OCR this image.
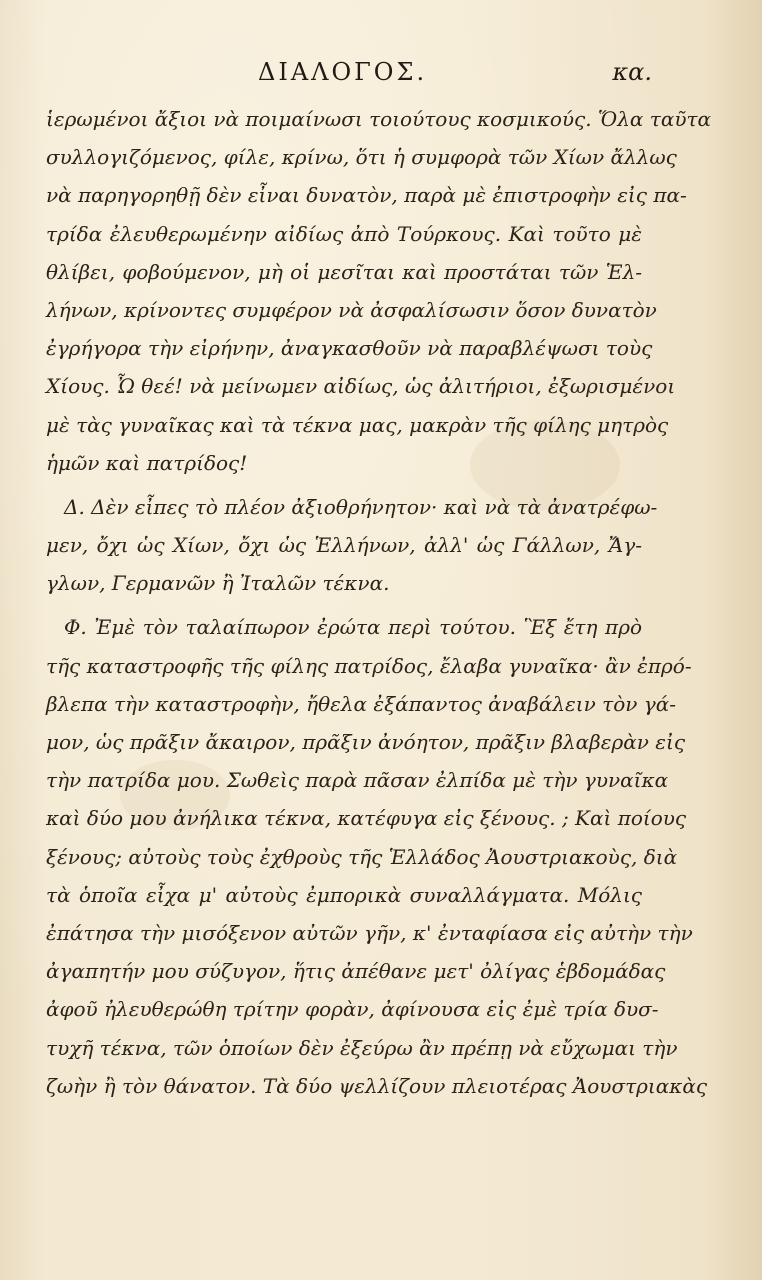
ΔΙΑΛΟΓΟΣ.	κα.
ἱερωμένοι ἄξιοι νὰ ποιμαίνωσι τοιούτους κοσμικούς. Ὅλα ταῦτα
συλλογιζόμενος, φίλε, κρίνω, ὅτι ἡ συμφορὰ τῶν Χίων ἄλλως
νὰ παρηγορηθῇ δὲν εἶναι δυνατὸν, παρὰ μὲ ἐπιστροφὴν εἰς πα-
τρίδα ἐλευθερωμένην αἰδίως ἀπὸ Τούρκους. Καὶ τοῦτο μὲ
θλίβει, φοβούμενον, μὴ οἱ μεσῖται καὶ προστάται τῶν Ἑλ-
λήνων, κρίνοντες συμφέρον νὰ ἀσφαλίσωσιν ὅσον δυνατὸν
ἐγρήγορα τὴν εἰρήνην, ἀναγκασθοῦν νὰ παραβλέψωσι τοὺς
Χίους. Ὦ θεέ! νὰ μείνωμεν αἰδίως, ὡς ἀλιτήριοι, ἐξωρισμένοι
μὲ τὰς γυναῖκας καὶ τὰ τέκνα μας, μακρὰν τῆς φίλης μητρὸς
ἡμῶν καὶ πατρίδος!
Δ. Δὲν εἶπες τὸ πλέον ἀξιοθρήνητον· καὶ νὰ τὰ ἀνατρέφω-
μεν, ὄχι ὡς Χίων, ὄχι ὡς Ἑλλήνων, ἀλλ' ὡς Γάλλων, Ἄγ-
γλων, Γερμανῶν ἢ Ἰταλῶν τέκνα.
Φ. Ἐμὲ τὸν ταλαίπωρον ἐρώτα περὶ τούτου. Ἓξ ἔτη πρὸ
τῆς καταστροφῆς τῆς φίλης πατρίδος, ἔλαβα γυναῖκα· ἂν ἐπρό-
βλεπα τὴν καταστροφὴν, ἤθελα ἐξάπαντος ἀναβάλειν τὸν γά-
μον, ὡς πρᾶξιν ἄκαιρον, πρᾶξιν ἀνόητον, πρᾶξιν βλαβερὰν εἰς
τὴν πατρίδα μου. Σωθεὶς παρὰ πᾶσαν ἐλπίδα μὲ τὴν γυναῖκα
καὶ δύο μου ἀνήλικα τέκνα, κατέφυγα εἰς ξένους. ; Καὶ ποίους
ξένους; αὐτοὺς τοὺς ἐχθροὺς τῆς Ἑλλάδος Ἀουστριακοὺς, διὰ
τὰ ὁποῖα εἶχα μ' αὐτοὺς ἐμπορικὰ συναλλάγματα. Μόλις
ἐπάτησα τὴν μισόξενον αὐτῶν γῆν, κ' ἐνταφίασα εἰς αὐτὴν τὴν
ἀγαπητήν μου σύζυγον, ἥτις ἀπέθανε μετ' ὀλίγας ἑβδομάδας
ἀφοῦ ἠλευθερώθη τρίτην φορὰν, ἀφίνουσα εἰς ἐμὲ τρία δυσ-
τυχῆ τέκνα, τῶν ὁποίων δὲν ἐξεύρω ἂν πρέπῃ νὰ εὔχωμαι τὴν
ζωὴν ἢ τὸν θάνατον. Τὰ δύο ψελλίζουν πλειοτέρας Ἀουστριακὰς
